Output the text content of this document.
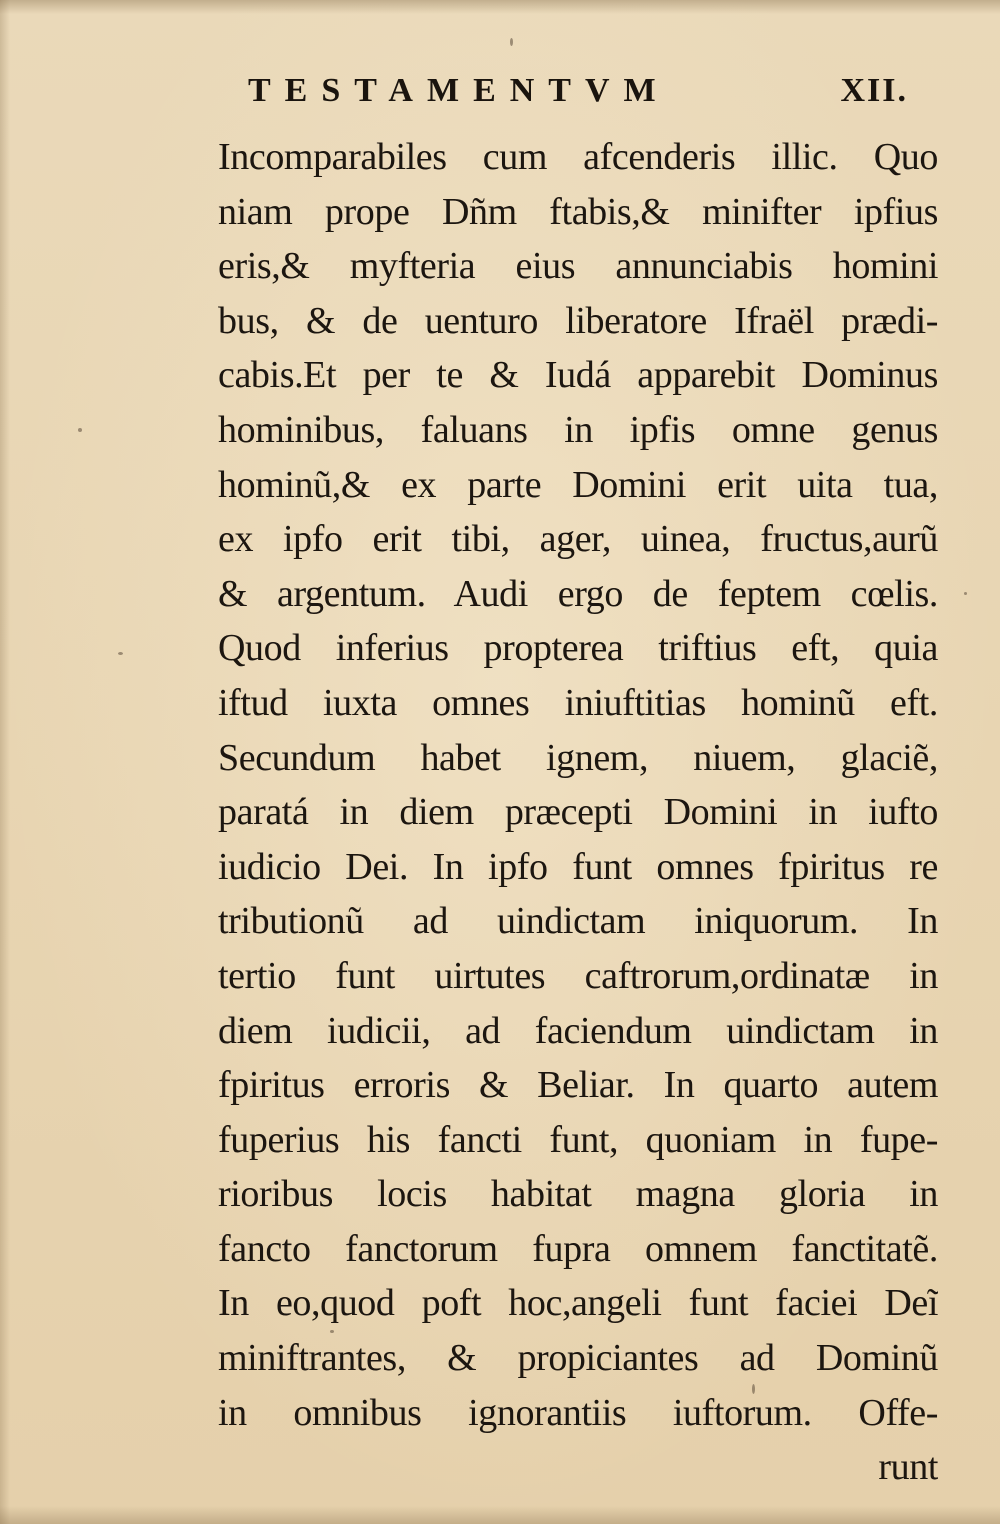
TESTAMENTVM	XII.
Incomparabiles cum afcenderis illic. Quo
niam prope Dñm ftabis,& minifter ipfius
eris,& myfteria eius annunciabis homini
bus, & de uenturo liberatore Ifraël prædi-
cabis.Et per te & Iudá apparebit Dominus
hominibus, faluans in ipfis omne genus
hominũ,& ex parte Domini erit uita tua,
ex ipfo erit tibi, ager, uinea, fructus,aurũ
& argentum. Audi ergo de feptem cœlis.
Quod inferius propterea triftius eft, quia
iftud iuxta omnes iniuftitias hominũ eft.
Secundum habet ignem, niuem, glaciẽ,
paratá in diem præcepti Domini in iufto
iudicio Dei. In ipfo funt omnes fpiritus re
tributionũ ad uindictam iniquorum. In
tertio funt uirtutes caftrorum,ordinatæ in
diem iudicii, ad faciendum uindictam in
fpiritus erroris & Beliar. In quarto autem
fuperius his fancti funt, quoniam in fupe-
rioribus locis habitat magna gloria in
fancto fanctorum fupra omnem fanctitatẽ.
In eo,quod poft hoc,angeli funt faciei Deĩ
miniftrantes, & propiciantes ad Dominũ
in omnibus ignorantiis iuftorum. Offe-
runt
